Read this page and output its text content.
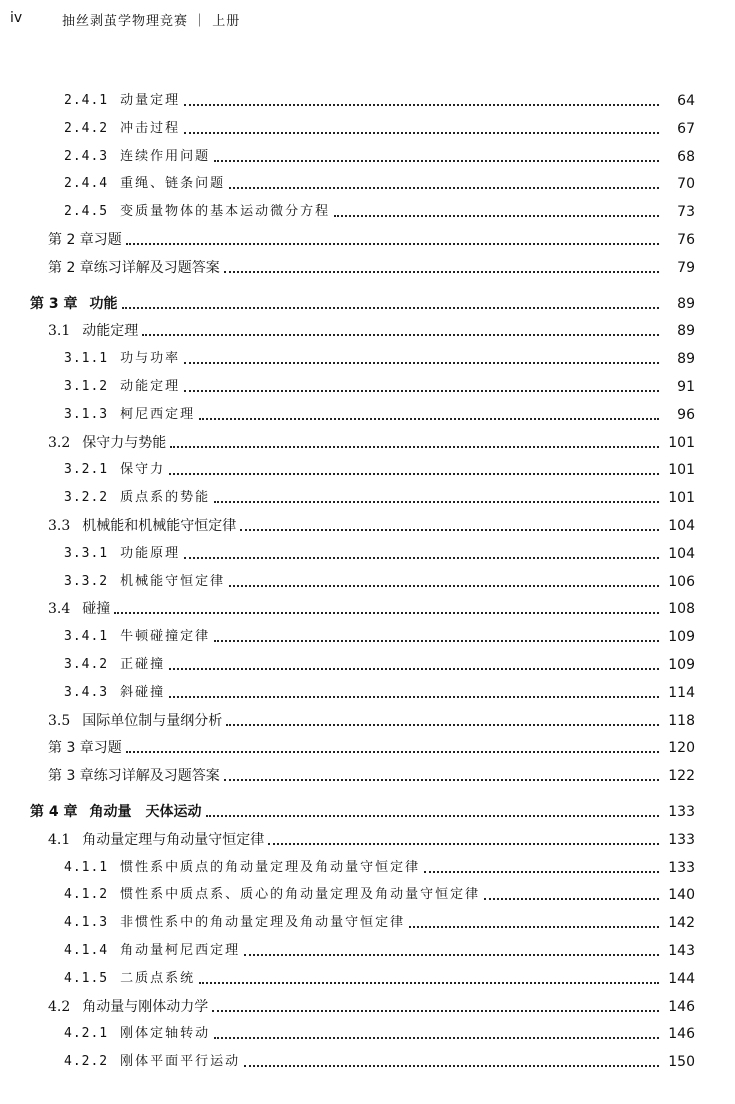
iv	抽丝剥茧学物理竞赛 ｜ 上册
2.4.1 动量定理	64
2.4.2 冲击过程	67
2.4.3 连续作用问题	68
2.4.4 重绳、链条问题	70
2.4.5 变质量物体的基本运动微分方程	73
第 2 章习题	76
第 2 章练习详解及习题答案	79
第 3 章 功能	89
3.1 动能定理	89
3.1.1 功与功率	89
3.1.2 动能定理	91
3.1.3 柯尼西定理	96
3.2 保守力与势能	101
3.2.1 保守力	101
3.2.2 质点系的势能	101
3.3 机械能和机械能守恒定律	104
3.3.1 功能原理	104
3.3.2 机械能守恒定律	106
3.4 碰撞	108
3.4.1 牛顿碰撞定律	109
3.4.2 正碰撞	109
3.4.3 斜碰撞	114
3.5 国际单位制与量纲分析	118
第 3 章习题	120
第 3 章练习详解及习题答案	122
第 4 章 角动量　天体运动	133
4.1 角动量定理与角动量守恒定律	133
4.1.1 惯性系中质点的角动量定理及角动量守恒定律	133
4.1.2 惯性系中质点系、质心的角动量定理及角动量守恒定律	140
4.1.3 非惯性系中的角动量定理及角动量守恒定律	142
4.1.4 角动量柯尼西定理	143
4.1.5 二质点系统	144
4.2 角动量与刚体动力学	146
4.2.1 刚体定轴转动	146
4.2.2 刚体平面平行运动	150
